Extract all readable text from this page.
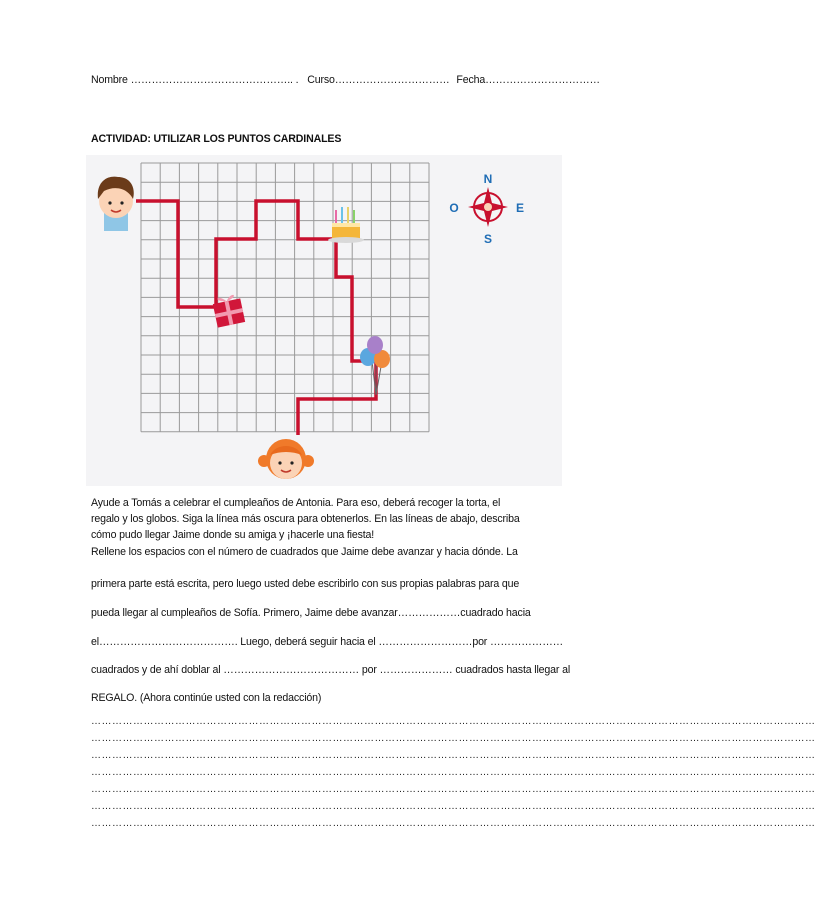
Nombre ……………………………………….. . Curso…………………………… Fecha……………………………
ACTIVIDAD: UTILIZAR LOS PUNTOS CARDINALES
N
S
E
O
Ayude a Tomás a celebrar el cumpleaños de Antonia. Para eso, deberá recoger la torta, el
regalo y los globos. Siga la línea más oscura para obtenerlos. En las líneas de abajo, describa
cómo pudo llegar Jaime donde su amiga y ¡hacerle una fiesta!
Rellene los espacios con el número de cuadrados que Jaime debe avanzar y hacia dónde. La
primera parte está escrita, pero luego usted debe escribirlo con sus propias palabras para que
pueda llegar al cumpleaños de Sofía. Primero, Jaime debe avanzar………………cuadrado hacia
el…………………………………. Luego, deberá seguir hacia el ………………………por …………………
cuadrados y de ahí doblar al ………………………………… por ………………… cuadrados hasta llegar al
REGALO. (Ahora continúe usted con la redacción)
………………………………………………………………………………………………………………………………………………………………………………………
………………………………………………………………………………………………………………………………………………………………………………………
………………………………………………………………………………………………………………………………………………………………………………………
………………………………………………………………………………………………………………………………………………………………………………………
………………………………………………………………………………………………………………………………………………………………………………………
………………………………………………………………………………………………………………………………………………………………………………………
………………………………………………………………………………………………………………………………………………………………………………………
